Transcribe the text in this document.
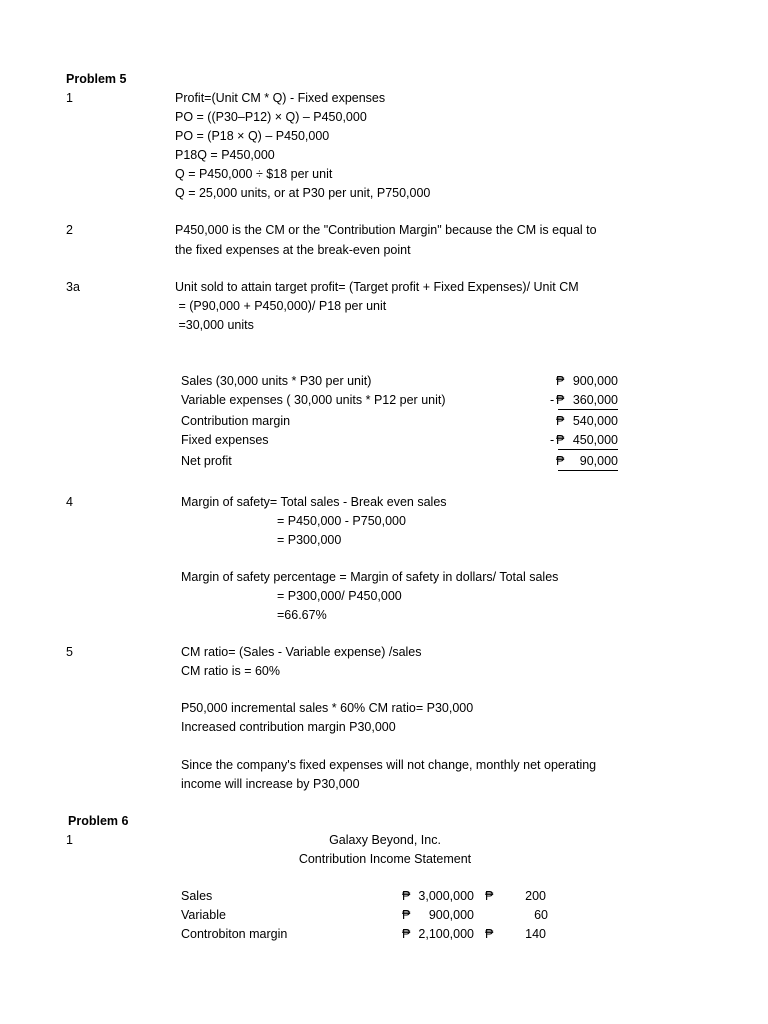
Problem 5
1	Profit=(Unit CM * Q) - Fixed expenses
PO = ((P30–P12) × Q) – P450,000
PO = (P18 × Q) – P450,000
P18Q = P450,000
Q = P450,000 ÷ $18 per unit
Q = 25,000 units, or at P30 per unit, P750,000
2	P450,000 is the CM or the "Contribution Margin" because the CM is equal to
the fixed expenses at the break-even point
3a	Unit sold to attain target profit= (Target profit + Fixed Expenses)/ Unit CM
= (P90,000 + P450,000)/ P18 per unit
=30,000 units
Sales (30,000 units * P30 per unit)	₱ 900,000
Variable expenses ( 30,000 units * P12 per unit)	- ₱ 360,000
Contribution margin	₱ 540,000
Fixed expenses	- ₱ 450,000
Net profit	₱	90,000
4	Margin of safety= Total sales - Break even sales
= P450,000 - P750,000
= P300,000
Margin of safety percentage = Margin of safety in dollars/ Total sales
= P300,000/ P450,000
=66.67%
5	CM ratio= (Sales - Variable expense) /sales
CM ratio is = 60%
P50,000 incremental sales * 60% CM ratio= P30,000
Increased contribution margin P30,000
Since the company's fixed expenses will not change, monthly net operating
income will increase by P30,000
Problem 6
1	Galaxy Beyond, Inc.
Contribution Income Statement
Sales	₱ 3,000,000 ₱	200
Variable	₱	900,000	60
Controbiton margin	₱ 2,100,000 ₱	140
